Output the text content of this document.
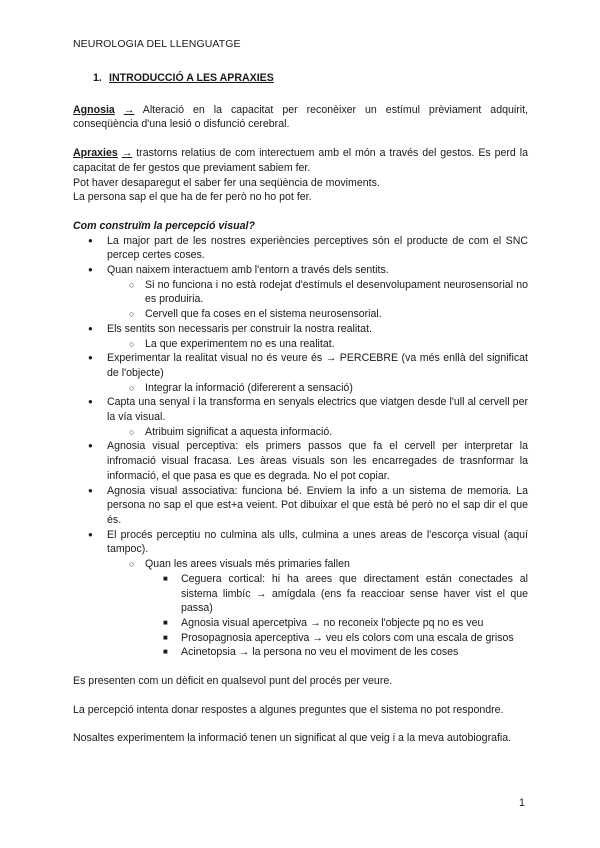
NEUROLOGIA DEL LLENGUATGE
1. INTRODUCCIÓ A LES APRAXIES

Agnosia → Alteració en la capacitat per reconèixer un estímul prèviament adquirit, conseqüència d'una lesió o disfunció cerebral.

Apraxies → trastorns relatius de com interectuem amb el món a través del gestos. Es perd la capacitat de fer gestos que previament sabiem fer.

Pot haver desaparegut el saber fer una seqüència de moviments.

La persona sap el que ha de fer però no ho pot fer.

Com construïm la percepció visual?

● La major part de les nostres experiències perceptives són el producte de com el SNC percep certes coses.
● Quan naixem interactuem amb l'entorn a través dels sentits.
○ Si no funciona i no està rodejat d'estímuls el desenvolupament neurosensorial no es produiria.
○ Cervell que fa coses en el sistema neurosensorial.
● Els sentits son necessaris per construir la nostra realitat.
○ La que experimentem no es una realitat.
● Experimentar la realitat visual no és veure és → PERCEBRE (va més enllà del significat de l'objecte)
○ Integrar la informació (difererent a sensació)
● Capta una senyal i la transforma en senyals electrics que viatgen desde l'ull al cervell per la vía visual.
○ Atribuim significat a aquesta informació.
● Agnosia visual perceptiva: els primers passos que fa el cervell per interpretar la infromació visual fracasa. Les àreas visuals son les encarregades de trasnformar la informació, el que pasa es que es degrada. No el pot copiar.
● Agnosia visual associativa: funciona bé. Enviem la info a un sistema de memoria. La persona no sap el que est+a veient. Pot dibuixar el que està bé però no el sap dir el que és.
● El procés perceptiu no culmina als ulls, culmina a unes areas de l'escorça visual (aquí tampoc).
○ Quan les arees visuals més primaries fallen
■ Ceguera cortical: hi ha arees que directament están conectades al sistema limbíc → amígdala (ens fa reaccioar sense haver vist el que passa)
■ Agnosia visual apercetpiva → no reconeix l'objecte pq no es veu
■ Prosopagnosia aperceptiva → veu els colors com una escala de grisos
■ Acinetopsia → la persona no veu el moviment de les coses

Es presenten com un dèficit en qualsevol punt del procés per veure.

La percepció intenta donar respostes a algunes preguntes que el sistema no pot respondre.

Nosaltes experimentem la informació tenen un significat al que veig i a la meva autobiografia.

1
